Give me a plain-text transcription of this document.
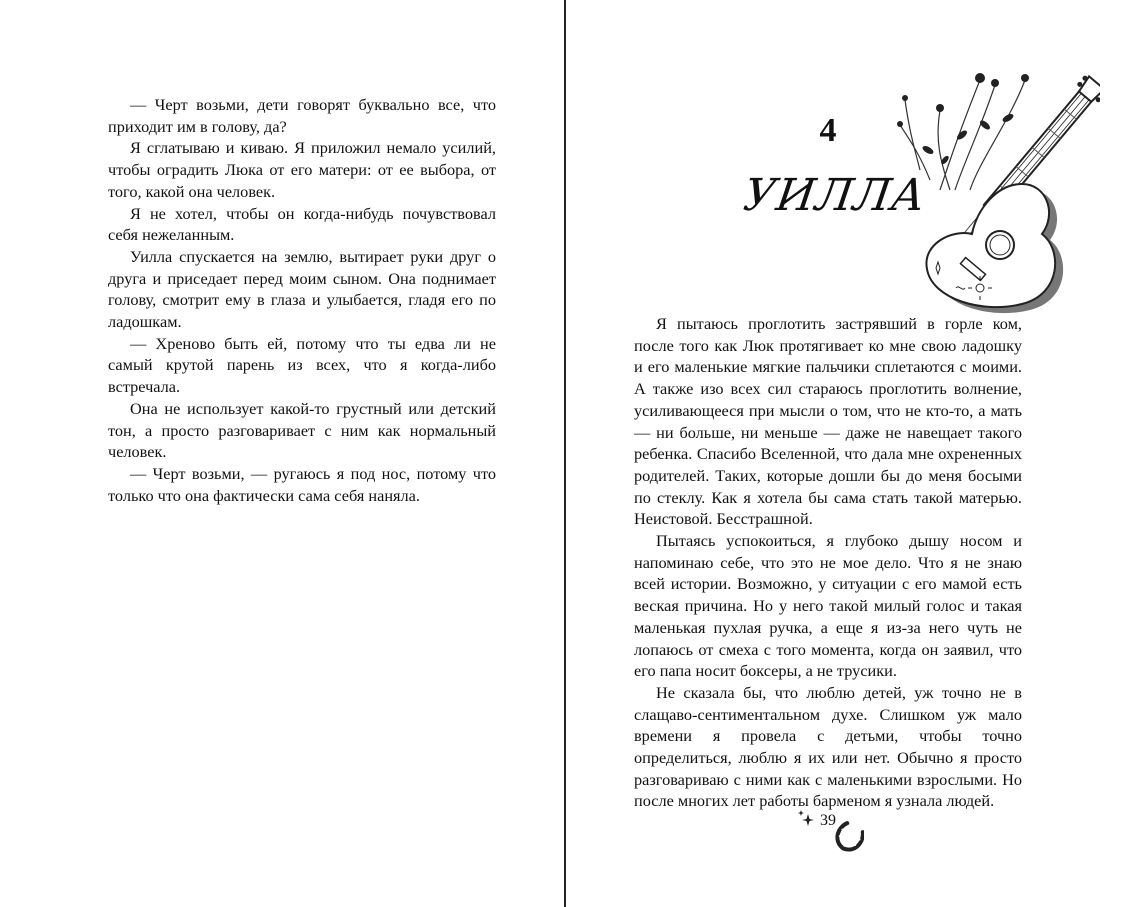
— Черт возьми, дети говорят буквально все, что приходит им в голову, да?

Я сглатываю и киваю. Я приложил немало усилий, чтобы оградить Люка от его матери: от ее выбора, от того, какой она человек.

Я не хотел, чтобы он когда-нибудь почувствовал себя нежеланным.

Уилла спускается на землю, вытирает руки друг о друга и приседает перед моим сыном. Она поднимает голову, смотрит ему в глаза и улыбается, гладя его по ладошкам.

— Хреново быть ей, потому что ты едва ли не самый крутой парень из всех, что я когда-либо встречала.

Она не использует какой-то грустный или детский тон, а просто разговаривает с ним как нормальный человек.

— Черт возьми, — ругаюсь я под нос, потому что только что она фактически сама себя наняла.

4
УИЛЛА

Я пытаюсь проглотить застрявший в горле ком, после того как Люк протягивает ко мне свою ладошку и его маленькие мягкие пальчики сплетаются с моими. А также изо всех сил стараюсь проглотить волнение, усиливающееся при мысли о том, что не кто-то, а мать — ни больше, ни меньше — даже не навещает такого ребенка. Спасибо Вселенной, что дала мне охрененных родителей. Таких, которые дошли бы до меня босыми по стеклу. Как я хотела бы сама стать такой матерью. Неистовой. Бесстрашной.

Пытаясь успокоиться, я глубоко дышу носом и напоминаю себе, что это не мое дело. Что я не знаю всей истории. Возможно, у ситуации с его мамой есть веская причина. Но у него такой милый голос и такая маленькая пухлая ручка, а еще я из-за него чуть не лопаюсь от смеха с того момента, когда он заявил, что его папа носит боксеры, а не трусики.

Не сказала бы, что люблю детей, уж точно не в слащаво-сентиментальном духе. Слишком уж мало времени я провела с детьми, чтобы точно определиться, люблю я их или нет. Обычно я просто разговариваю с ними как с маленькими взрослыми. Но после многих лет работы барменом я узнала людей.

39
